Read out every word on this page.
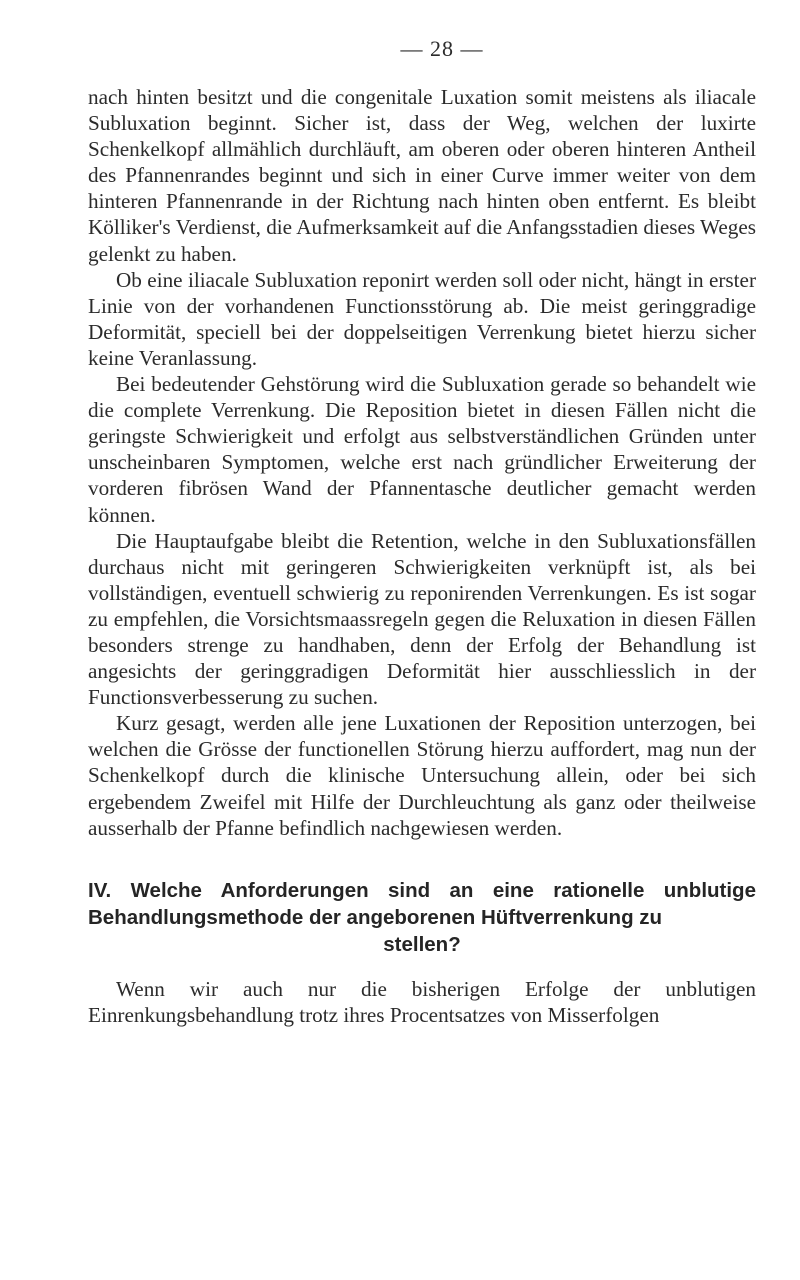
— 28 —

nach hinten besitzt und die congenitale Luxation somit meistens als iliacale Subluxation beginnt. Sicher ist, dass der Weg, welchen der luxirte Schenkelkopf allmählich durchläuft, am oberen oder oberen hinteren Antheil des Pfannenrandes beginnt und sich in einer Curve immer weiter von dem hinteren Pfannenrande in der Richtung nach hinten oben entfernt. Es bleibt Kölliker's Verdienst, die Aufmerksamkeit auf die Anfangsstadien dieses Weges gelenkt zu haben.

Ob eine iliacale Subluxation reponirt werden soll oder nicht, hängt in erster Linie von der vorhandenen Functionsstörung ab. Die meist geringgradige Deformität, speciell bei der doppelseitigen Verrenkung bietet hierzu sicher keine Veranlassung.

Bei bedeutender Gehstörung wird die Subluxation gerade so behandelt wie die complete Verrenkung. Die Reposition bietet in diesen Fällen nicht die geringste Schwierigkeit und erfolgt aus selbstverständlichen Gründen unter unscheinbaren Symptomen, welche erst nach gründlicher Erweiterung der vorderen fibrösen Wand der Pfannentasche deutlicher gemacht werden können.

Die Hauptaufgabe bleibt die Retention, welche in den Subluxationsfällen durchaus nicht mit geringeren Schwierigkeiten verknüpft ist, als bei vollständigen, eventuell schwierig zu reponirenden Verrenkungen. Es ist sogar zu empfehlen, die Vorsichtsmaassregeln gegen die Reluxation in diesen Fällen besonders strenge zu handhaben, denn der Erfolg der Behandlung ist angesichts der geringgradigen Deformität hier ausschliesslich in der Functionsverbesserung zu suchen.

Kurz gesagt, werden alle jene Luxationen der Reposition unterzogen, bei welchen die Grösse der functionellen Störung hierzu auffordert, mag nun der Schenkelkopf durch die klinische Untersuchung allein, oder bei sich ergebendem Zweifel mit Hilfe der Durchleuchtung als ganz oder theilweise ausserhalb der Pfanne befindlich nachgewiesen werden.

IV. Welche Anforderungen sind an eine rationelle unblutige Behandlungsmethode der angeborenen Hüftverrenkung zu
stellen?

Wenn wir auch nur die bisherigen Erfolge der unblutigen Einrenkungsbehandlung trotz ihres Procentsatzes von Misserfolgen
